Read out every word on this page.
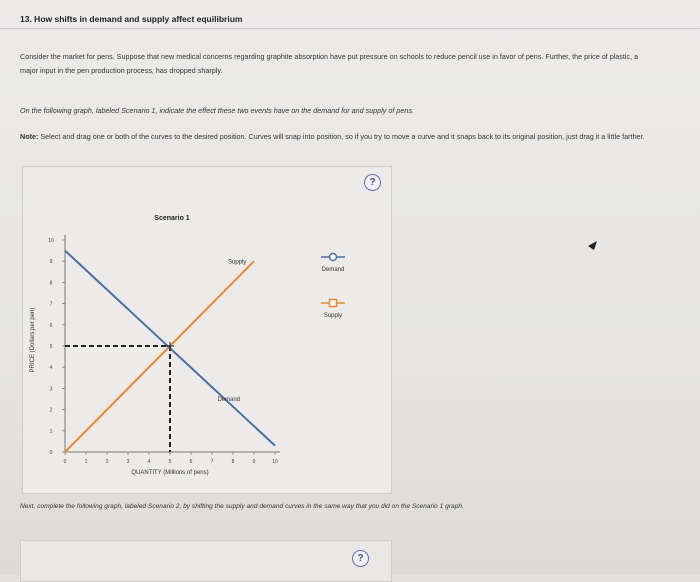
13. How shifts in demand and supply affect equilibrium
Consider the market for pens. Suppose that new medical concerns regarding graphite absorption have put pressure on schools to reduce pencil use in favor of pens. Further, the price of plastic, a major input in the pen production process, has dropped sharply.
On the following graph, labeled Scenario 1, indicate the effect these two events have on the demand for and supply of pens.
Note: Select and drag one or both of the curves to the desired position. Curves will snap into position, so if you try to move a curve and it snaps back to its original position, just drag it a little farther.
?
0	1	2	3	4	5	6	7	8	9	10
0
1
2
3
4
5
6
7
8
9
10
Scenario 1
QUANTITY (Millions of pens)
PRICE (Dollars per pen)
Supply
Demand
Demand
Supply
Next, complete the following graph, labeled Scenario 2, by shifting the supply and demand curves in the same way that you did on the Scenario 1 graph.
?
